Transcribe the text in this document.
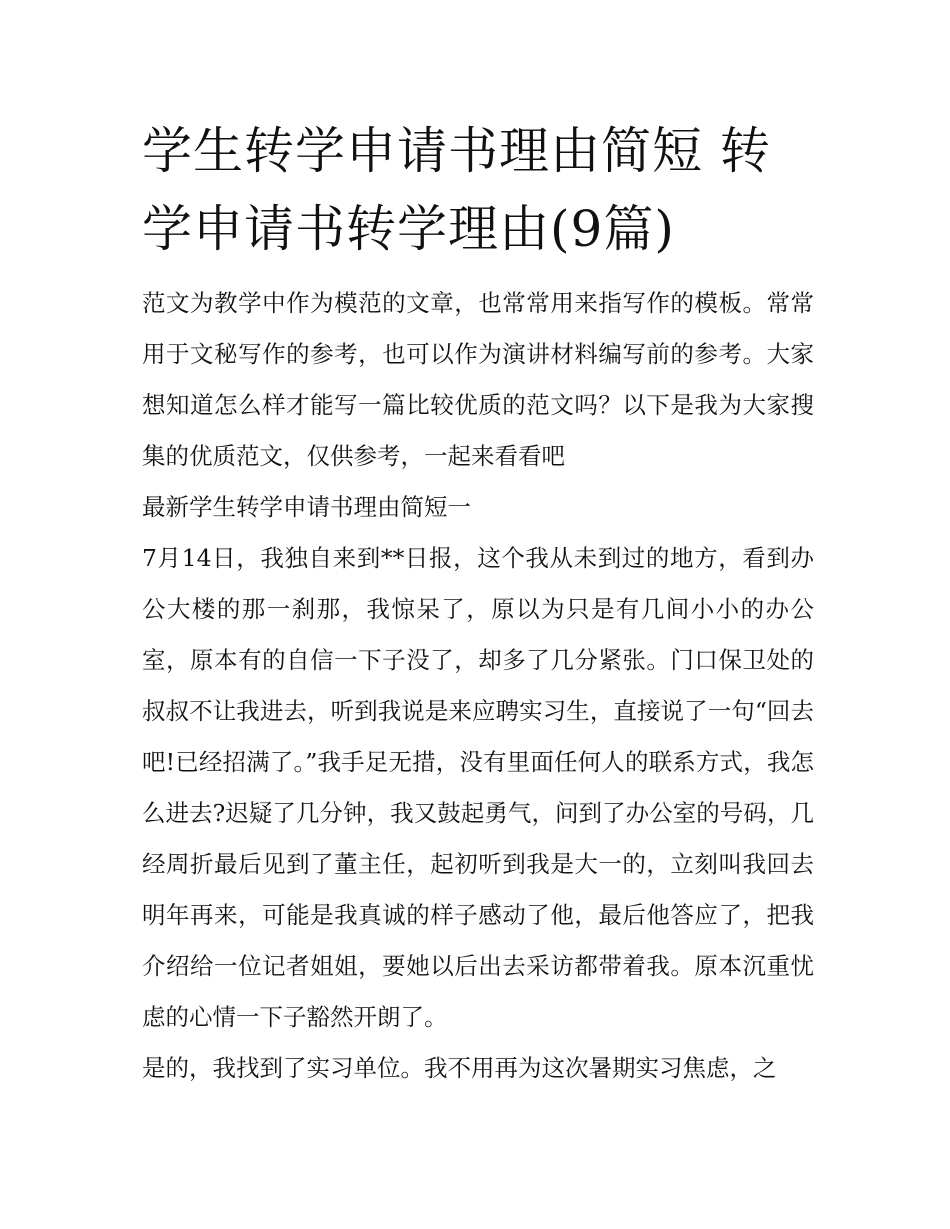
学生转学申请书理由简短 转学申请书转学理由(9篇)

范文为教学中作为模范的文章，也常常用来指写作的模板。常常用于文秘写作的参考，也可以作为演讲材料编写前的参考。大家想知道怎么样才能写一篇比较优质的范文吗？以下是我为大家搜集的优质范文，仅供参考，一起来看看吧

最新学生转学申请书理由简短一

7月14日，我独自来到**日报，这个我从未到过的地方，看到办公大楼的那一刹那，我惊呆了，原以为只是有几间小小的办公室，原本有的自信一下子没了，却多了几分紧张。门口保卫处的叔叔不让我进去，听到我说是来应聘实习生，直接说了一句“回去吧!已经招满了。”我手足无措，没有里面任何人的联系方式，我怎么进去?迟疑了几分钟，我又鼓起勇气，问到了办公室的号码，几经周折最后见到了董主任，起初听到我是大一的，立刻叫我回去明年再来，可能是我真诚的样子感动了他，最后他答应了，把我介绍给一位记者姐姐，要她以后出去采访都带着我。原本沉重忧虑的心情一下子豁然开朗了。

是的，我找到了实习单位。我不用再为这次暑期实习焦虑，之
